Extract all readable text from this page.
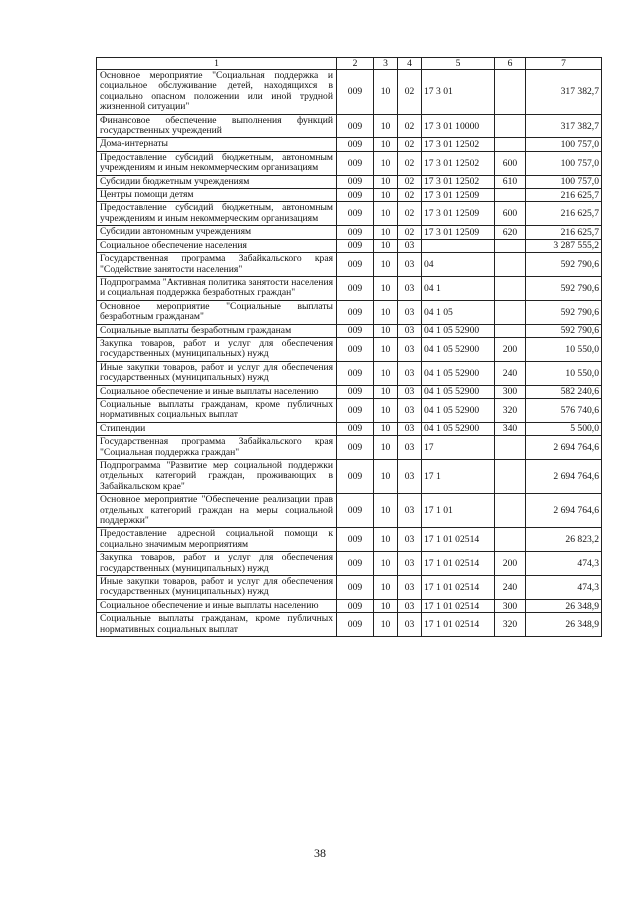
1	2	3	4	5	6	7
Основное мероприятие "Социальная поддержка и социальное обслуживание детей, находящихся в социально опасном положении или иной трудной жизненной ситуации"	009	10	02	17 3 01		317 382,7
Финансовое обеспечение выполнения функций государственных учреждений	009	10	02	17 3 01 10000		317 382,7
Дома-интернаты	009	10	02	17 3 01 12502		100 757,0
Предоставление субсидий бюджетным, автономным учреждениям и иным некоммерческим организациям	009	10	02	17 3 01 12502	600	100 757,0
Субсидии бюджетным учреждениям	009	10	02	17 3 01 12502	610	100 757,0
Центры помощи детям	009	10	02	17 3 01 12509		216 625,7
Предоставление субсидий бюджетным, автономным учреждениям и иным некоммерческим организациям	009	10	02	17 3 01 12509	600	216 625,7
Субсидии автономным учреждениям	009	10	02	17 3 01 12509	620	216 625,7
Социальное обеспечение населения	009	10	03			3 287 555,2
Государственная программа Забайкальского края "Содействие занятости населения"	009	10	03	04		592 790,6
Подпрограмма "Активная политика занятости населения и социальная поддержка безработных граждан"	009	10	03	04 1		592 790,6
Основное мероприятие "Социальные выплаты безработным гражданам"	009	10	03	04 1 05		592 790,6
Социальные выплаты безработным гражданам	009	10	03	04 1 05 52900		592 790,6
Закупка товаров, работ и услуг для обеспечения государственных (муниципальных) нужд	009	10	03	04 1 05 52900	200	10 550,0
Иные закупки товаров, работ и услуг для обеспечения государственных (муниципальных) нужд	009	10	03	04 1 05 52900	240	10 550,0
Социальное обеспечение и иные выплаты населению	009	10	03	04 1 05 52900	300	582 240,6
Социальные выплаты гражданам, кроме публичных нормативных социальных выплат	009	10	03	04 1 05 52900	320	576 740,6
Стипендии	009	10	03	04 1 05 52900	340	5 500,0
Государственная программа Забайкальского края "Социальная поддержка граждан"	009	10	03	17		2 694 764,6
Подпрограмма "Развитие мер социальной поддержки отдельных категорий граждан, проживающих в Забайкальском крае"	009	10	03	17 1		2 694 764,6
Основное мероприятие "Обеспечение реализации прав отдельных категорий граждан на меры социальной поддержки"	009	10	03	17 1 01		2 694 764,6
Предоставление адресной социальной помощи к социально значимым мероприятиям	009	10	03	17 1 01 02514		26 823,2
Закупка товаров, работ и услуг для обеспечения государственных (муниципальных) нужд	009	10	03	17 1 01 02514	200	474,3
Иные закупки товаров, работ и услуг для обеспечения государственных (муниципальных) нужд	009	10	03	17 1 01 02514	240	474,3
Социальное обеспечение и иные выплаты населению	009	10	03	17 1 01 02514	300	26 348,9
Социальные выплаты гражданам, кроме публичных нормативных социальных выплат	009	10	03	17 1 01 02514	320	26 348,9
38
